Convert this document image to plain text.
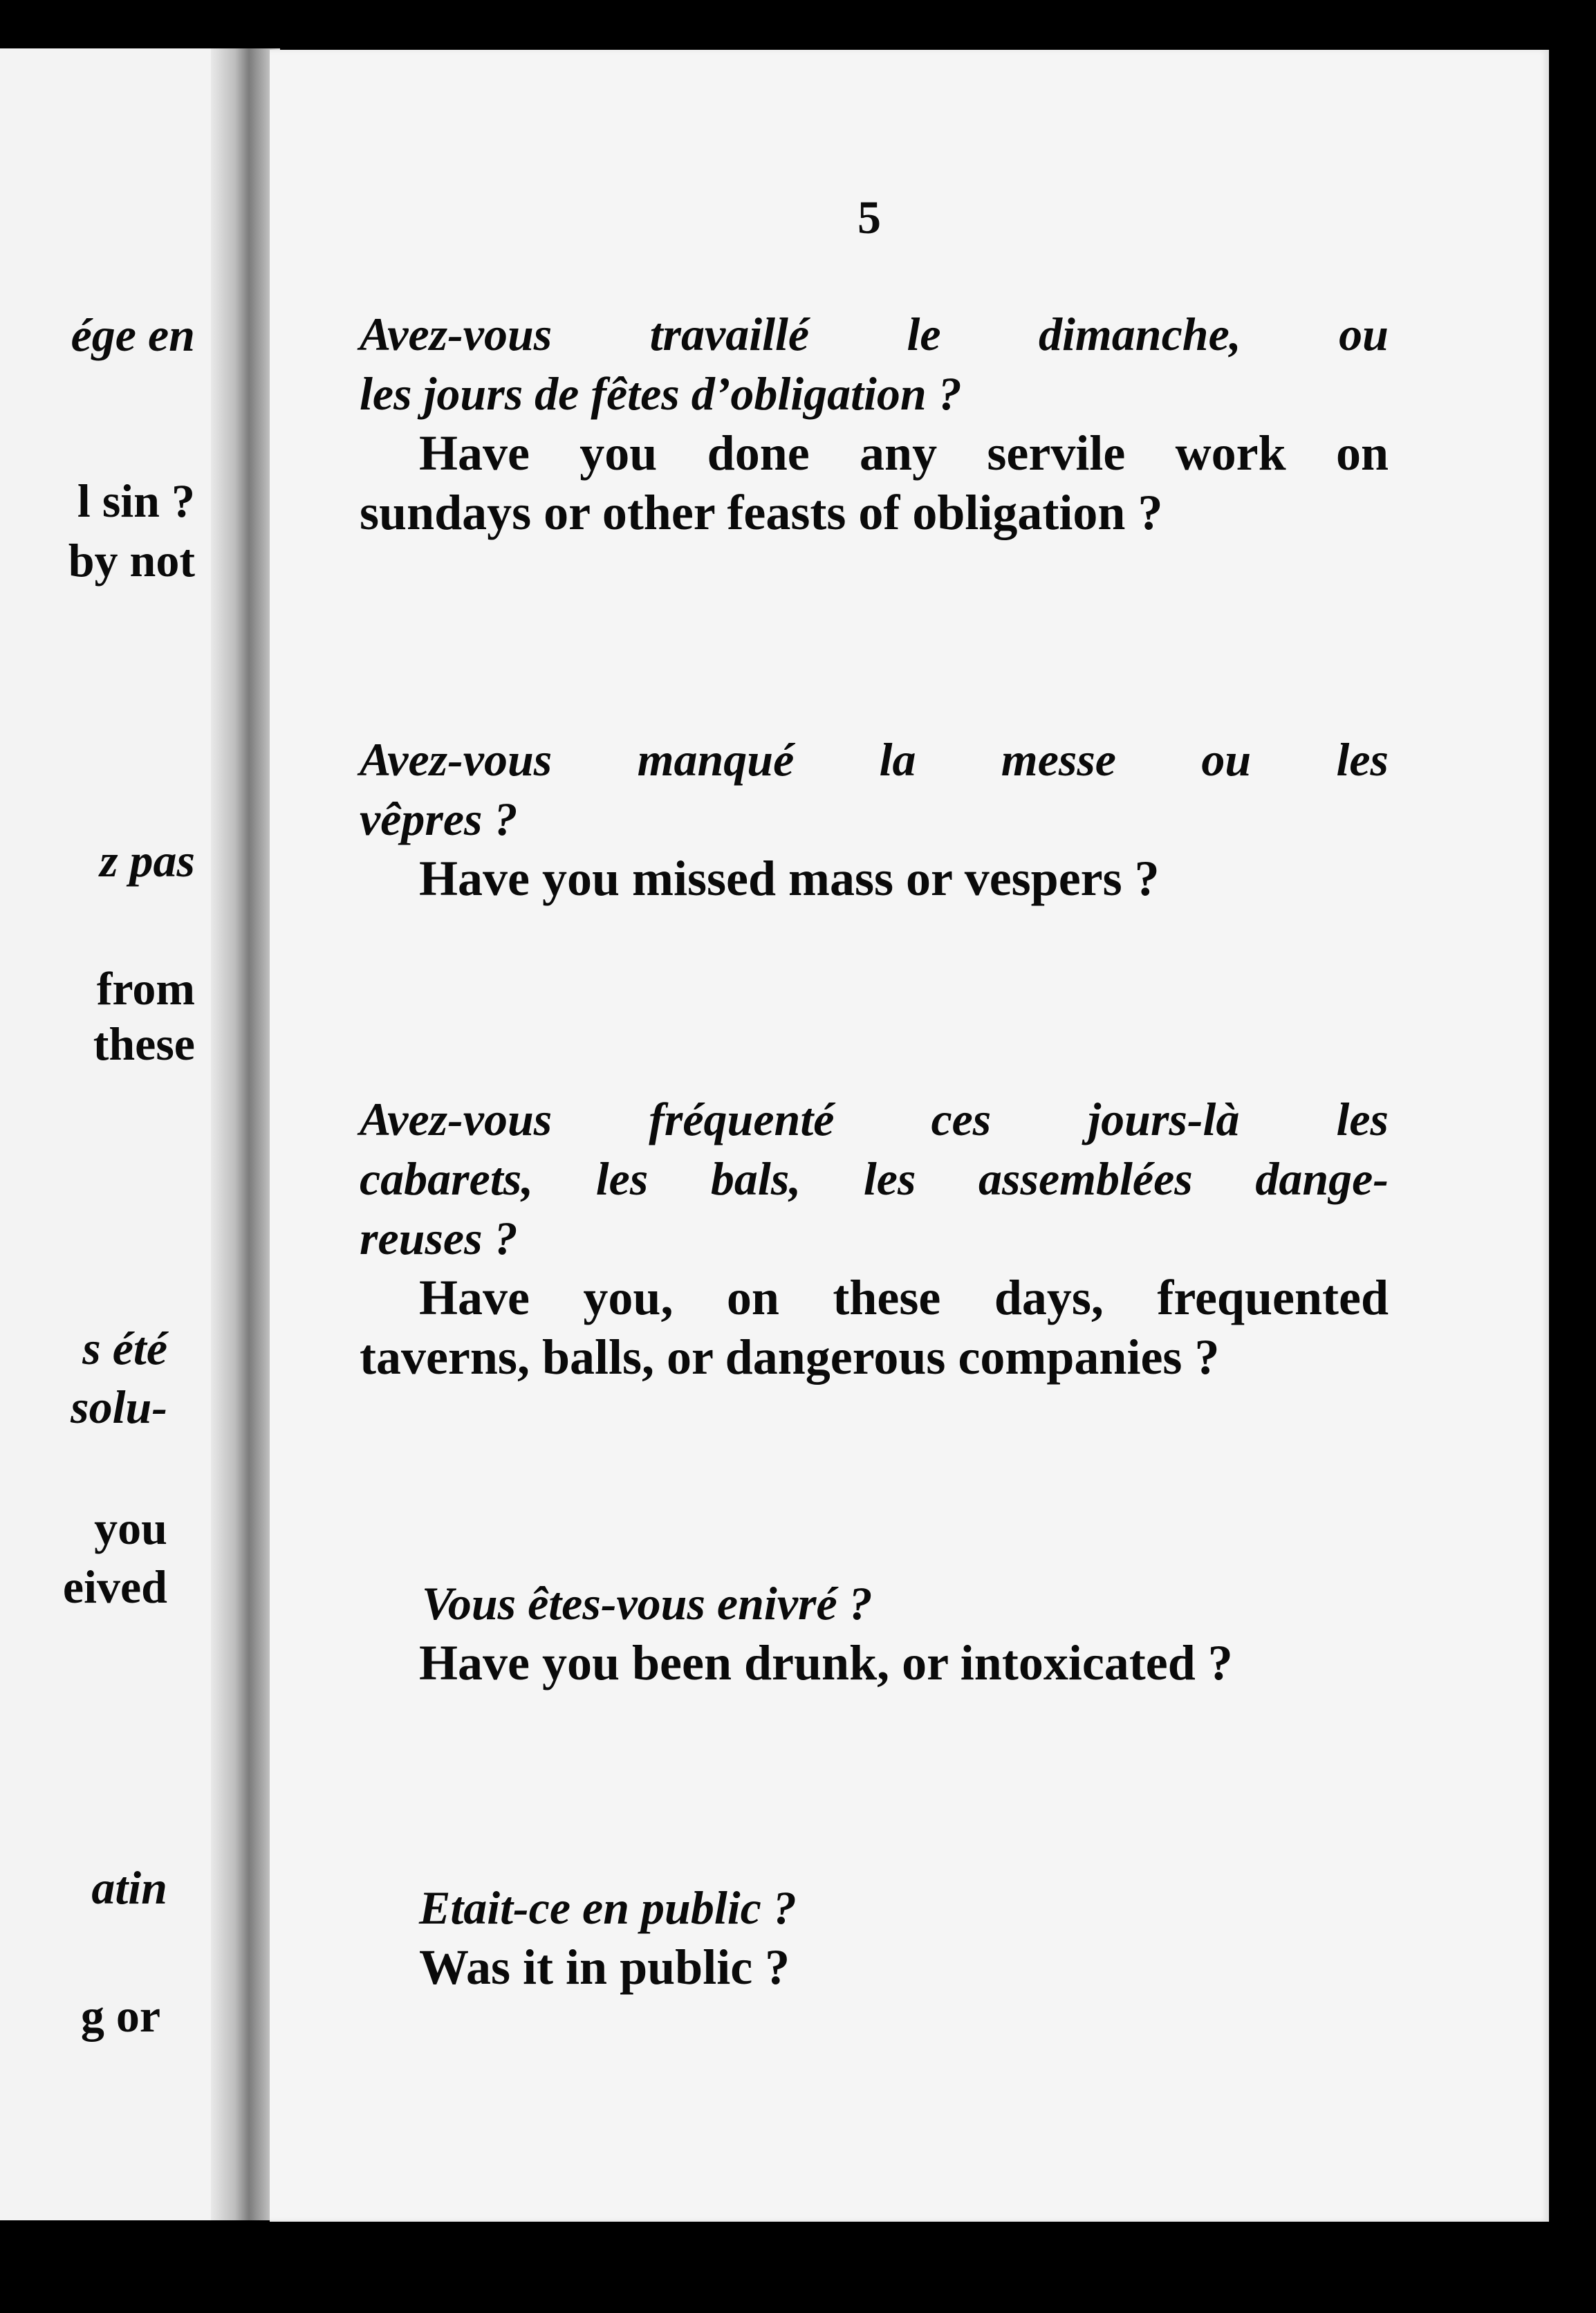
ége en
l sin ?
by not
z pas
from
these
s été
solu-
you
eived
atin
g or
5
Avez-vous travaillé le dimanche, ou
les jours de fêtes d’obligation ?
Have you done any servile work on
sundays or other feasts of obligation ?
Avez-vous manqué la messe ou les
vêpres ?
Have you missed mass or vespers ?
Avez-vous fréquenté ces jours-là les
cabarets, les bals, les assemblées dange-
reuses ?
Have you, on these days, frequented
taverns, balls, or dangerous companies ?
Vous êtes-vous enivré ?
Have you been drunk, or intoxicated ?
Etait-ce en public ?
Was it in public ?
